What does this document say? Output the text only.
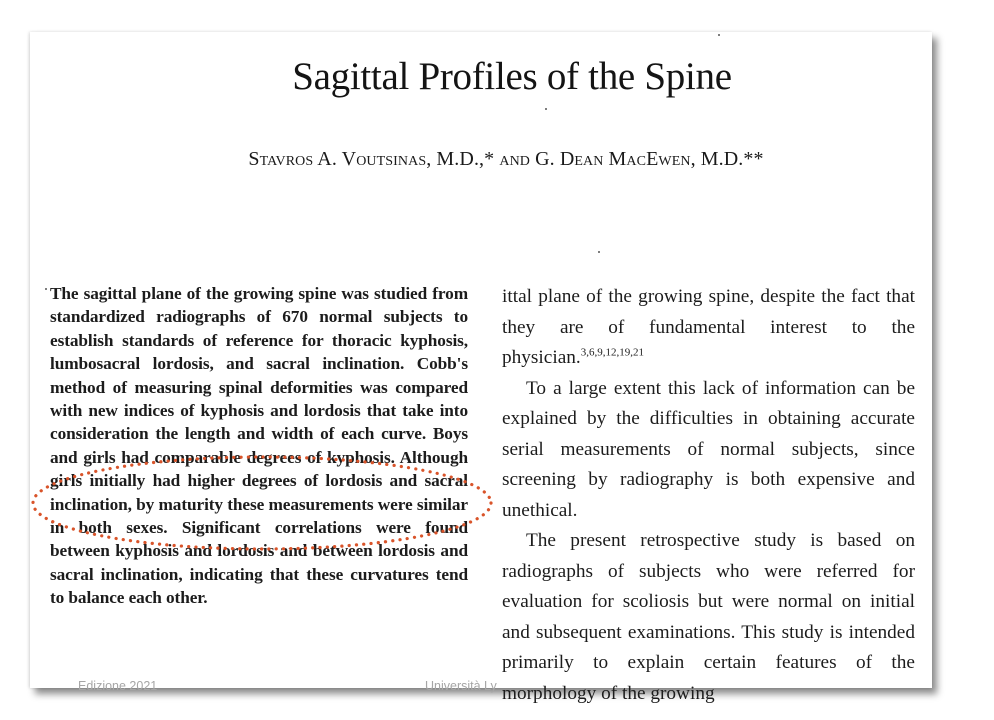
Sagittal Profiles of the Spine
Stavros A. Voutsinas, M.D.,* and G. Dean MacEwen, M.D.**

The sagittal plane of the growing spine was studied from standardized radiographs of 670 normal subjects to establish standards of reference for thoracic kyphosis, lumbosacral lordosis, and sacral inclination. Cobb's method of measuring spinal deformities was compared with new indices of kyphosis and lordosis that take into consideration the length and width of each curve. Boys and girls had comparable degrees of kyphosis. Although girls initially had higher degrees of lordosis and sacral inclination, by maturity these measurements were similar in both sexes. Significant correlations were found between kyphosis and lordosis and between lordosis and sacral inclination, indicating that these curvatures tend to balance each other.

ittal plane of the growing spine, despite the fact that they are of fundamental interest to the physician.$^{3,6,9,12,19,21}$
To a large extent this lack of information can be explained by the difficulties in obtaining accurate serial measurements of normal subjects, since screening by radiography is both expensive and unethical.
The present retrospective study is based on radiographs of subjects who were referred for evaluation for scoliosis but were normal on initial and subsequent examinations. This study is intended primarily to explain certain features of the morphology of the growing
Edizione 2021	Università Ly
